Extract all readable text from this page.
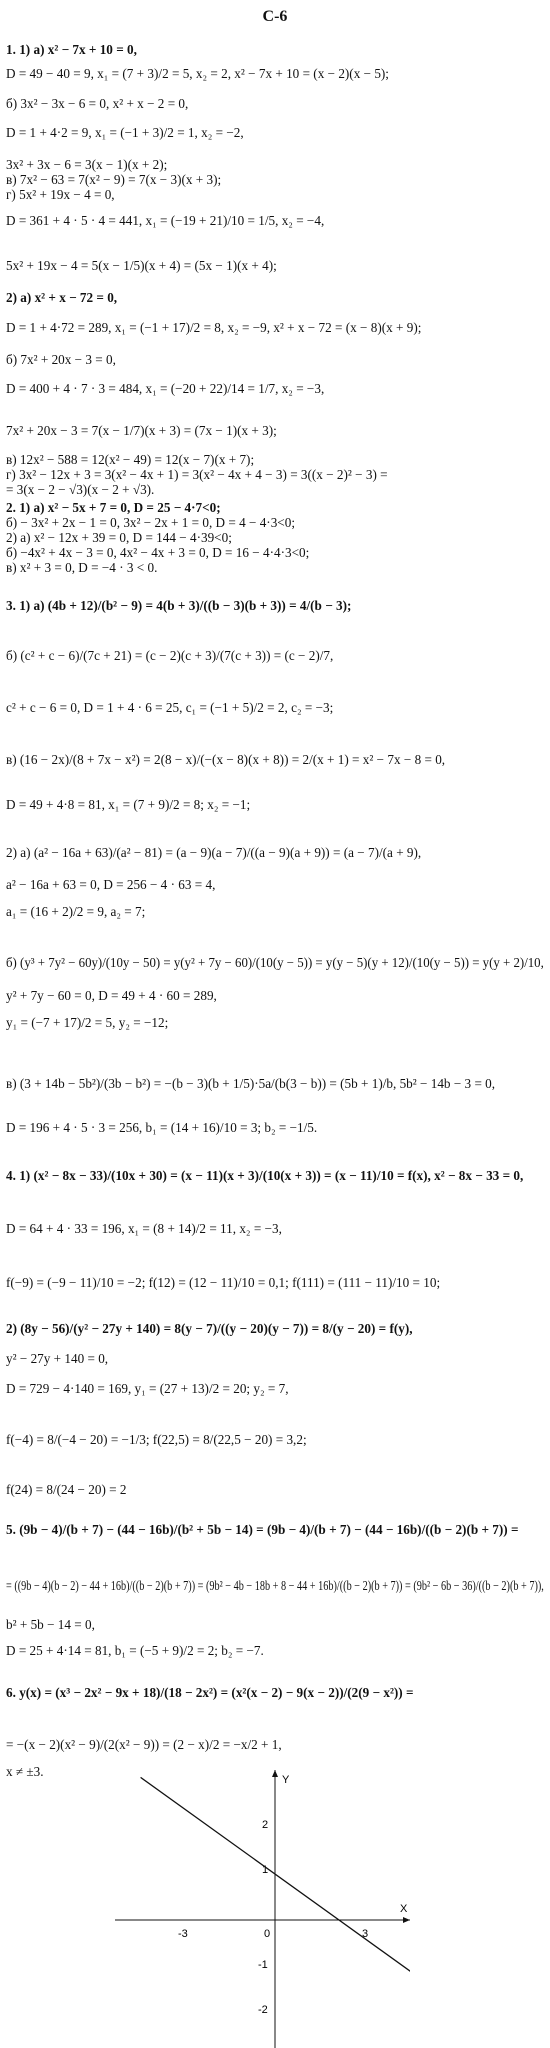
С-6
1. 1) а) x² − 7x + 10 = 0,
D = 49 − 40 = 9, x₁ = (7 + 3)/2 = 5, x₂ = 2, x² − 7x + 10 = (x − 2)(x − 5);
б) 3x² − 3x − 6 = 0, x² + x − 2 = 0,
D = 1 + 4·2 = 9, x₁ = (−1 + 3)/2 = 1, x₂ = −2,
3x² + 3x − 6 = 3(x − 1)(x + 2);
в) 7x² − 63 = 7(x² − 9) = 7(x − 3)(x + 3);
г) 5x² + 19x − 4 = 0,
D = 361 + 4 · 5 · 4 = 441, x₁ = (−19 + 21)/10 = 1/5, x₂ = −4,
5x² + 19x − 4 = 5(x − 1/5)(x + 4) = (5x − 1)(x + 4);
2) а) x² + x − 72 = 0,
D = 1 + 4·72 = 289, x₁ = (−1 + 17)/2 = 8, x₂ = −9, x² + x − 72 = (x − 8)(x + 9);
б) 7x² + 20x − 3 = 0,
D = 400 + 4 · 7 · 3 = 484, x₁ = (−20 + 22)/14 = 1/7, x₂ = −3,
7x² + 20x − 3 = 7(x − 1/7)(x + 3) = (7x − 1)(x + 3);
в) 12x² − 588 = 12(x² − 49) = 12(x − 7)(x + 7);
г) 3x² − 12x + 3 = 3(x² − 4x + 1) = 3(x² − 4x + 4 − 3) = 3((x − 2)² − 3) =
= 3(x − 2 − √3)(x − 2 + √3).
2. 1) а) x² − 5x + 7 = 0, D = 25 − 4·7<0;
б) − 3x² + 2x − 1 = 0, 3x² − 2x + 1 = 0, D = 4 − 4·3<0;
2) а) x² − 12x + 39 = 0, D = 144 − 4·39<0;
б) −4x² + 4x − 3 = 0, 4x² − 4x + 3 = 0, D = 16 − 4·4·3<0;
в) x² + 3 = 0, D = −4 · 3 < 0.
3. 1) а) (4b + 12)/(b² − 9) = 4(b + 3)/((b − 3)(b + 3)) = 4/(b − 3);
б) (c² + c − 6)/(7c + 21) = (c − 2)(c + 3)/(7(c + 3)) = (c − 2)/7,
c² + c − 6 = 0, D = 1 + 4 · 6 = 25, c₁ = (−1 + 5)/2 = 2, c₂ = −3;
в) (16 − 2x)/(8 + 7x − x²) = 2(8 − x)/(−(x − 8)(x + 8)) = 2/(x + 1) = x² − 7x − 8 = 0,
D = 49 + 4·8 = 81, x₁ = (7 + 9)/2 = 8; x₂ = −1;
2) а) (a² − 16a + 63)/(a² − 81) = (a − 9)(a − 7)/((a − 9)(a + 9)) = (a − 7)/(a + 9),
a² − 16a + 63 = 0, D = 256 − 4 · 63 = 4,
a₁ = (16 + 2)/2 = 9, a₂ = 7;
б) (y³ + 7y² − 60y)/(10y − 50) = y(y² + 7y − 60)/(10(y − 5)) = y(y − 5)(y + 12)/(10(y − 5)) = y(y + 2)/10,
y² + 7y − 60 = 0, D = 49 + 4 · 60 = 289,
y₁ = (−7 + 17)/2 = 5, y₂ = −12;
в) (3 + 14b − 5b²)/(3b − b²) = −(b − 3)(b + 1/5)·5a/(b(3 − b)) = (5b + 1)/b, 5b² − 14b − 3 = 0,
D = 196 + 4 · 5 · 3 = 256, b₁ = (14 + 16)/10 = 3; b₂ = −1/5.
4. 1) (x² − 8x − 33)/(10x + 30) = (x − 11)(x + 3)/(10(x + 3)) = (x − 11)/10 = f(x), x² − 8x − 33 = 0,
D = 64 + 4 · 33 = 196, x₁ = (8 + 14)/2 = 11, x₂ = −3,
f(−9) = (−9 − 11)/10 = −2; f(12) = (12 − 11)/10 = 0,1; f(111) = (111 − 11)/10 = 10;
2) (8y − 56)/(y² − 27y + 140) = 8(y − 7)/((y − 20)(y − 7)) = 8/(y − 20) = f(y),
y² − 27y + 140 = 0,
D = 729 − 4·140 = 169, y₁ = (27 + 13)/2 = 20; y₂ = 7,
f(−4) = 8/(−4 − 20) = −1/3; f(22,5) = 8/(22,5 − 20) = 3,2;
f(24) = 8/(24 − 20) = 2
5. (9b − 4)/(b + 7) − (44 − 16b)/(b² + 5b − 14) = (9b − 4)/(b + 7) − (44 − 16b)/((b − 2)(b + 7)) =
= ((9b − 4)(b − 2) − 44 + 16b)/((b − 2)(b + 7)) = (9b² − 4b − 18b + 8 − 44 + 16b)/((b − 2)(b + 7)) = (9b² − 6b − 36)/((b − 2)(b + 7)),
b² + 5b − 14 = 0,
D = 25 + 4·14 = 81, b₁ = (−5 + 9)/2 = 2; b₂ = −7.
6. y(x) = (x³ − 2x² − 9x + 18)/(18 − 2x²) = (x²(x − 2) − 9(x − 2))/(2(9 − x²)) =
= −(x − 2)(x² − 9)/(2(x² − 9)) = (2 − x)/2 = −x/2 + 1,
x ≠ ±3.
X
Y
-3	0	3
2
1
-1
-2
